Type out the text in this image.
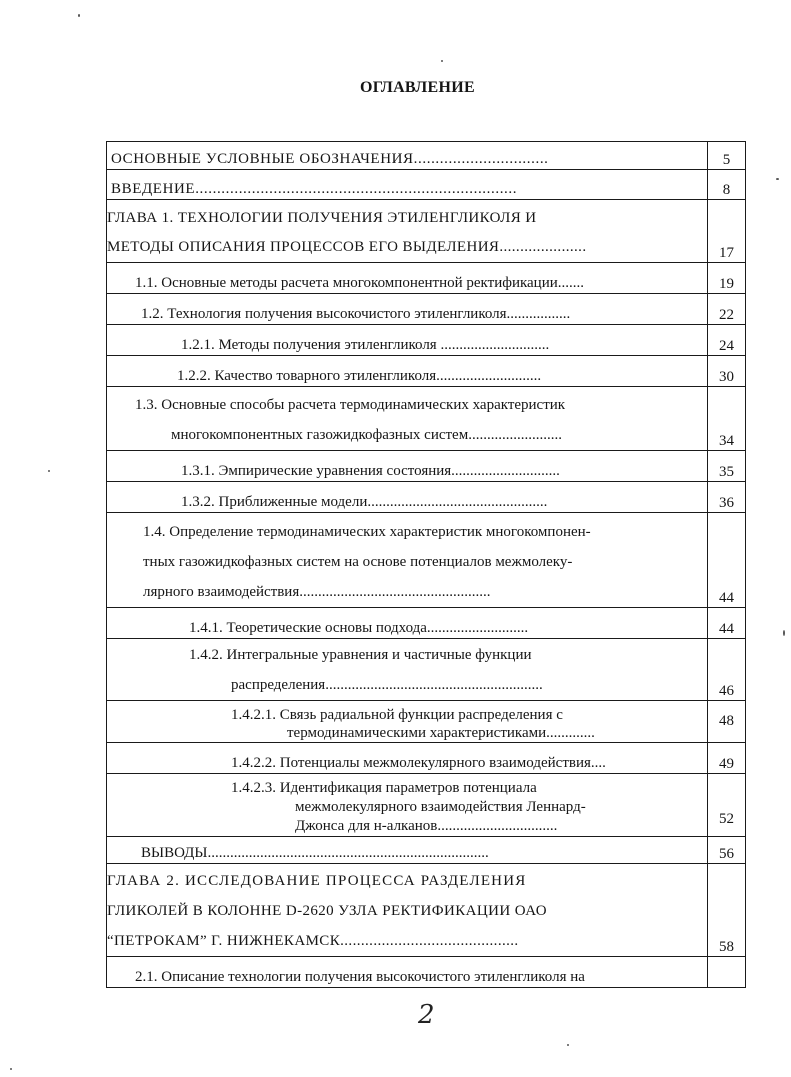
ОГЛАВЛЕНИЕ
ОСНОВНЫЕ УСЛОВНЫЕ ОБОЗНАЧЕНИЯ...............................	5

ВВЕДЕНИЕ..........................................................................	8

ГЛАВА 1. ТЕХНОЛОГИИ ПОЛУЧЕНИЯ ЭТИЛЕНГЛИКОЛЯ И
МЕТОДЫ ОПИСАНИЯ ПРОЦЕССОВ ЕГО ВЫДЕЛЕНИЯ.....................	17

1.1. Основные методы расчета многокомпонентной ректификации.......	19

1.2. Технология получения высокочистого этиленгликоля.................	22

1.2.1. Методы получения этиленгликоля .............................	24

1.2.2. Качество товарного этиленгликоля............................	30

1.3. Основные способы расчета термодинамических характеристик
многокомпонентных газожидкофазных систем.........................	34

1.3.1. Эмпирические уравнения состояния.............................	35

1.3.2. Приближенные модели................................................	36

1.4. Определение термодинамических характеристик многокомпонен-
тных газожидкофазных систем на основе потенциалов межмолеку-
лярного взаимодействия...................................................	44

1.4.1. Теоретические основы подхода...........................	44

1.4.2. Интегральные уравнения и частичные функции
распределения..........................................................	46

1.4.2.1. Связь радиальной функции распределения с
термодинамическими характеристиками.............	48

1.4.2.2. Потенциалы межмолекулярного взаимодействия....	49

1.4.2.3. Идентификация параметров потенциала
межмолекулярного взаимодействия Леннард-
Джонса для н-алканов................................	52

ВЫВОДЫ...........................................................................	56

ГЛАВА 2. ИССЛЕДОВАНИЕ ПРОЦЕССА РАЗДЕЛЕНИЯ
ГЛИКОЛЕЙ В КОЛОННЕ D-2620 УЗЛА РЕКТИФИКАЦИИ ОАО
“ПЕТРОКАМ” Г. НИЖНЕКАМСК...........................................	58

2.1. Описание технологии получения высокочистого этиленгликоля на	

2
